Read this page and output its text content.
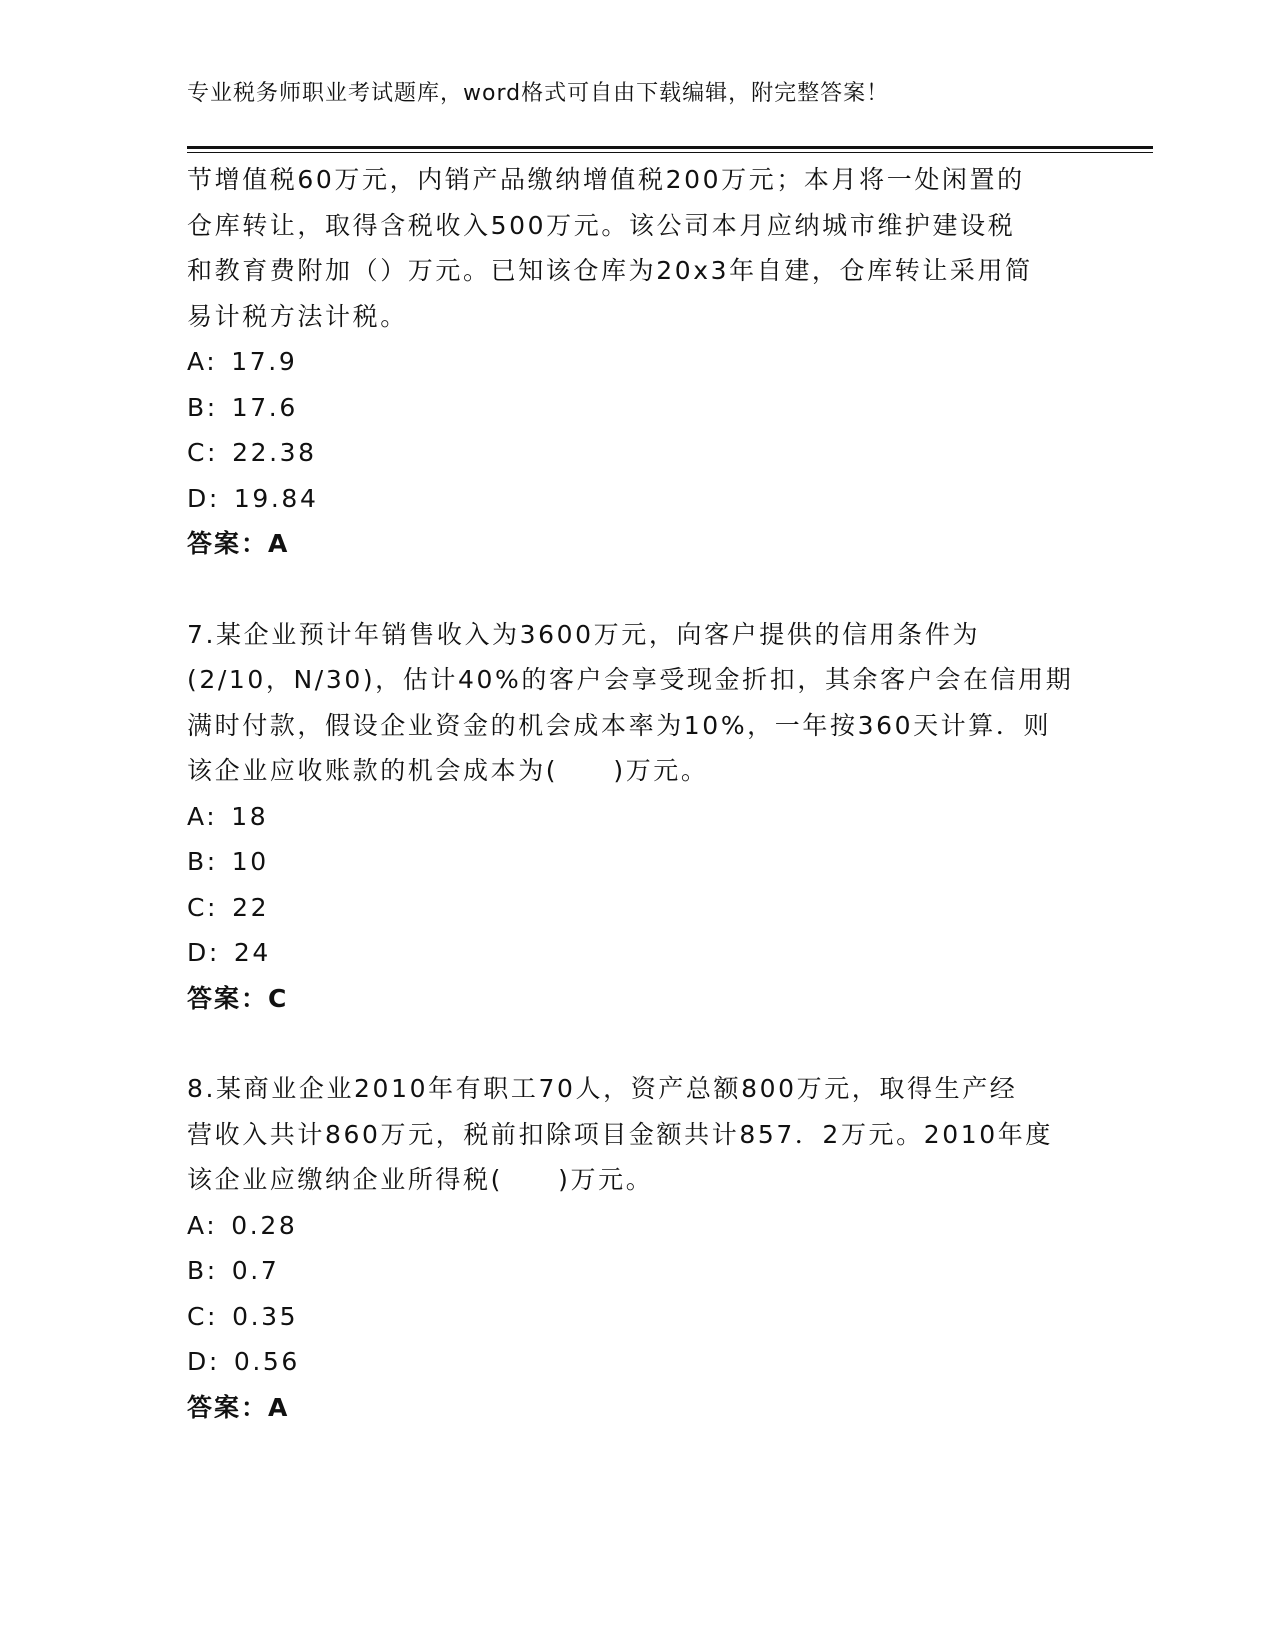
专业税务师职业考试题库，word格式可自由下载编辑，附完整答案！

节增值税60万元，内销产品缴纳增值税200万元；本月将一处闲置的

仓库转让，取得含税收入500万元。该公司本月应纳城市维护建设税

和教育费附加（）万元。已知该仓库为20x3年自建，仓库转让采用简

易计税方法计税。

A: 17.9

B: 17.6

C: 22.38

D: 19.84

答案：A

7.某企业预计年销售收入为3600万元，向客户提供的信用条件为

(2/10，N/30)，估计40%的客户会享受现金折扣，其余客户会在信用期

满时付款，假设企业资金的机会成本率为10%，一年按360天计算．则

该企业应收账款的机会成本为(　　)万元。

A: 18

B: 10

C: 22

D: 24

答案：C

8.某商业企业2010年有职工70人，资产总额800万元，取得生产经

营收入共计860万元，税前扣除项目金额共计857．2万元。2010年度

该企业应缴纳企业所得税(　　)万元。

A: 0.28

B: 0.7

C: 0.35

D: 0.56

答案：A
